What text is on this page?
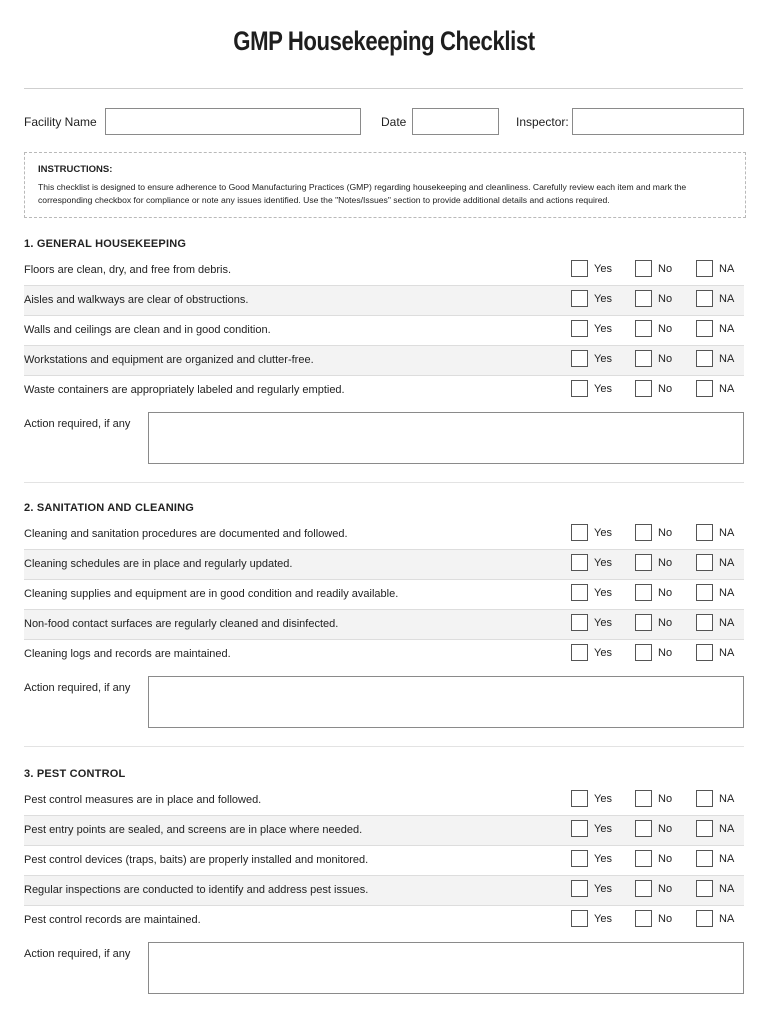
GMP Housekeeping Checklist
Facility Name	Date	Inspector:
INSTRUCTIONS:
This checklist is designed to ensure adherence to Good Manufacturing Practices (GMP) regarding housekeeping and cleanliness. Carefully review each item and mark the corresponding checkbox for compliance or note any issues identified. Use the "Notes/Issues" section to provide additional details and actions required.
1. GENERAL HOUSEKEEPING
Floors are clean, dry, and free from debris.	Yes	No	NA
Aisles and walkways are clear of obstructions.	Yes	No	NA
Walls and ceilings are clean and in good condition.	Yes	No	NA
Workstations and equipment are organized and clutter-free.	Yes	No	NA
Waste containers are appropriately labeled and regularly emptied.	Yes	No	NA
Action required, if any
2. SANITATION AND CLEANING
Cleaning and sanitation procedures are documented and followed.	Yes	No	NA
Cleaning schedules are in place and regularly updated.	Yes	No	NA
Cleaning supplies and equipment are in good condition and readily available.	Yes	No	NA
Non-food contact surfaces are regularly cleaned and disinfected.	Yes	No	NA
Cleaning logs and records are maintained.	Yes	No	NA
Action required, if any
3. PEST CONTROL
Pest control measures are in place and followed.	Yes	No	NA
Pest entry points are sealed, and screens are in place where needed.	Yes	No	NA
Pest control devices (traps, baits) are properly installed and monitored.	Yes	No	NA
Regular inspections are conducted to identify and address pest issues.	Yes	No	NA
Pest control records are maintained.	Yes	No	NA
Action required, if any
